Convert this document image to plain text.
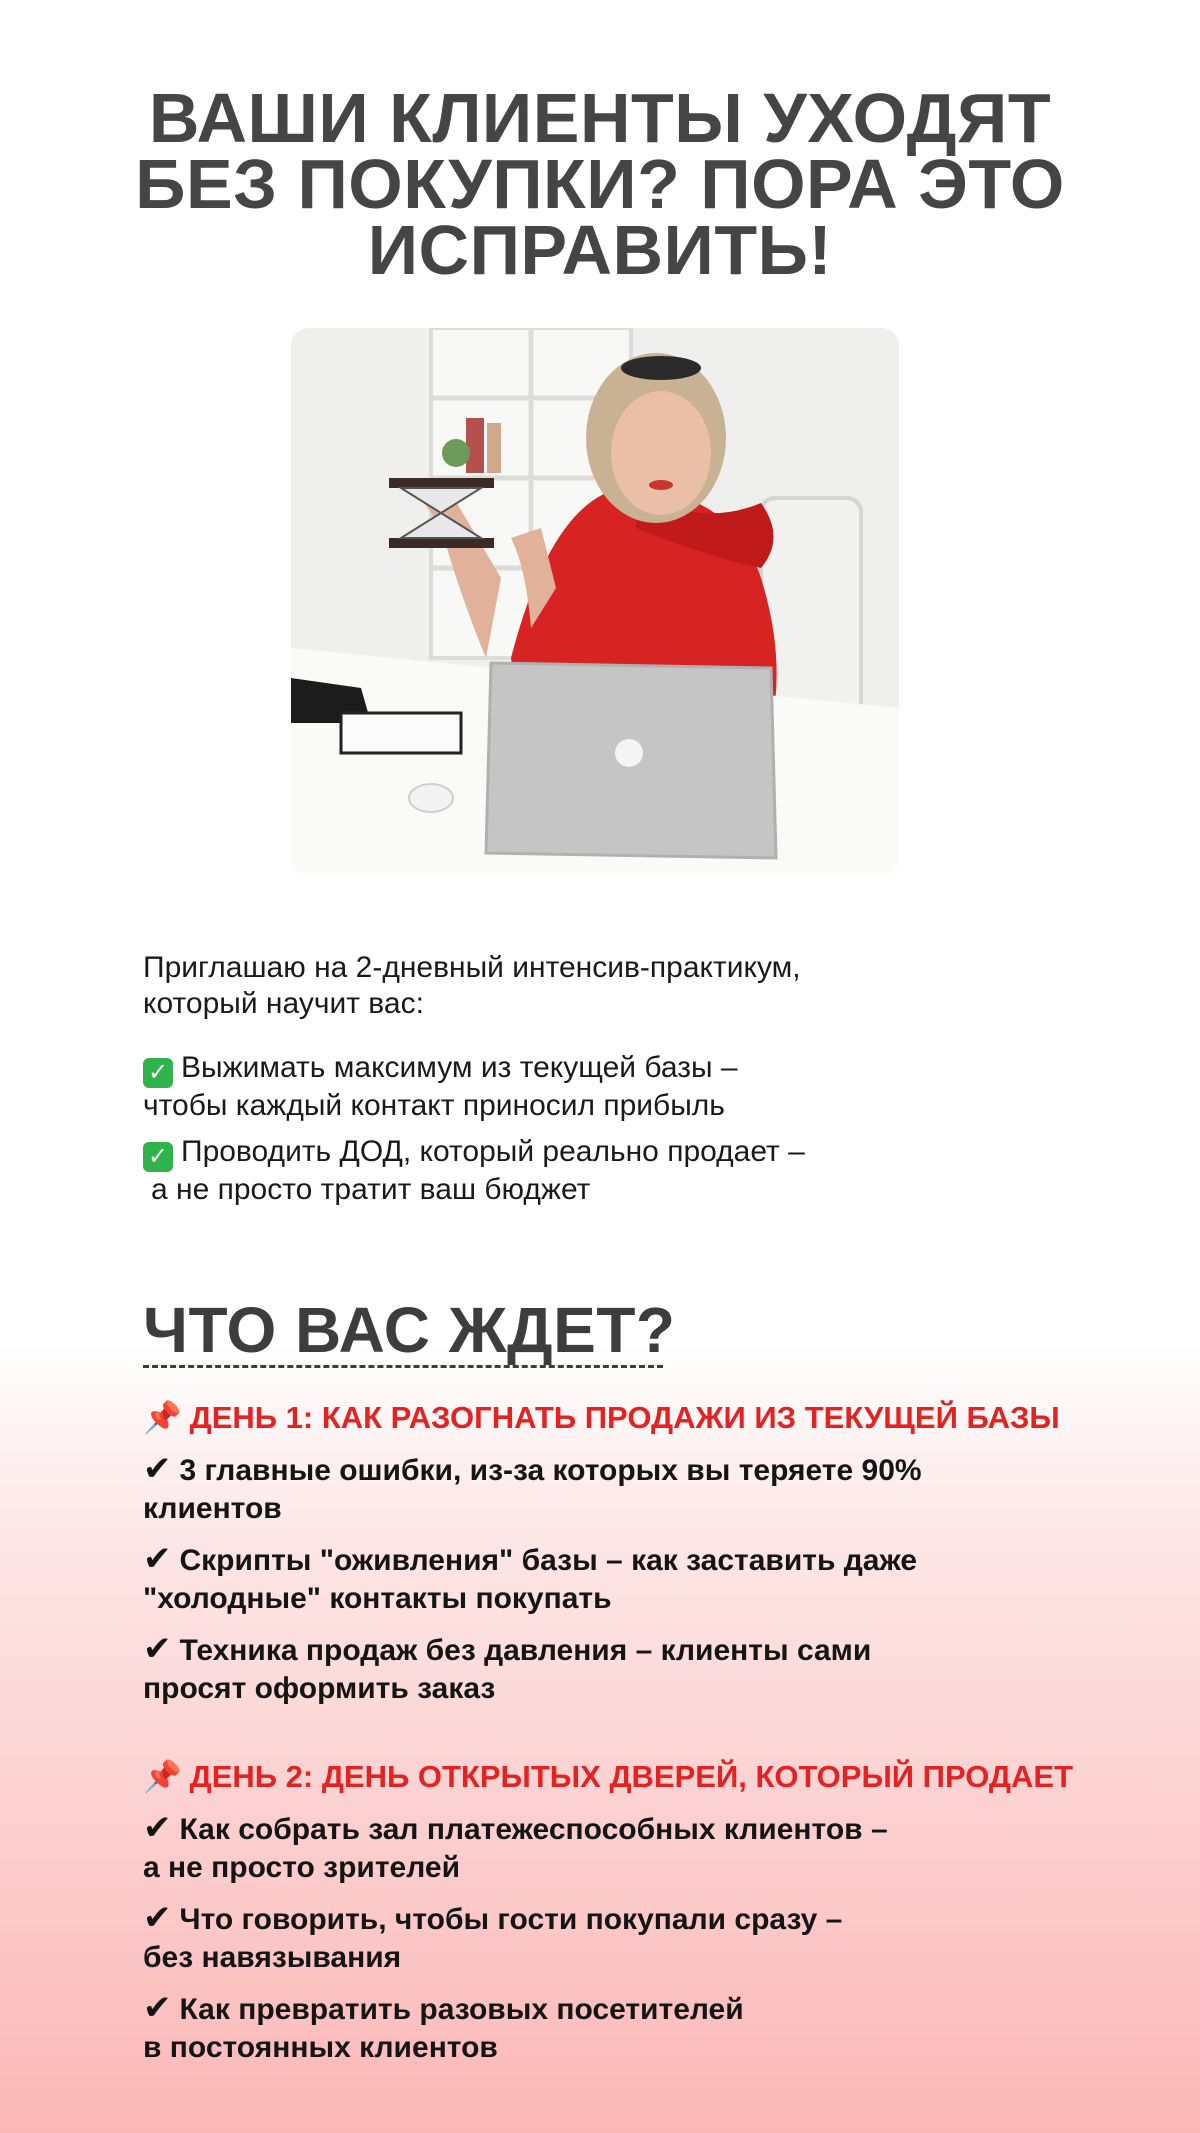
ВАШИ КЛИЕНТЫ УХОДЯТ
БЕЗ ПОКУПКИ? ПОРА ЭТО
ИСПРАВИТЬ!

Приглашаю на 2-дневный интенсив-практикум,

который научит вас:

✓ Выжимать максимум из текущей базы –
чтобы каждый контакт приносил прибыль
✓ Проводить ДОД, который реально продает –
а не просто тратит ваш бюджет
ЧТО ВАС ЖДЕТ?
📌 ДЕНЬ 1: КАК РАЗОГНАТЬ ПРОДАЖИ ИЗ ТЕКУЩЕЙ БАЗЫ
✔ 3 главные ошибки, из-за которых вы теряете 90%
клиентов
✔ Скрипты "оживления" базы – как заставить даже
"холодные" контакты покупать
✔ Техника продаж без давления – клиенты сами
просят оформить заказ
📌 ДЕНЬ 2: ДЕНЬ ОТКРЫТЫХ ДВЕРЕЙ, КОТОРЫЙ ПРОДАЕТ
✔ Как собрать зал платежеспособных клиентов –
а не просто зрителей
✔ Что говорить, чтобы гости покупали сразу –
без навязывания
✔ Как превратить разовых посетителей
в постоянных клиентов
